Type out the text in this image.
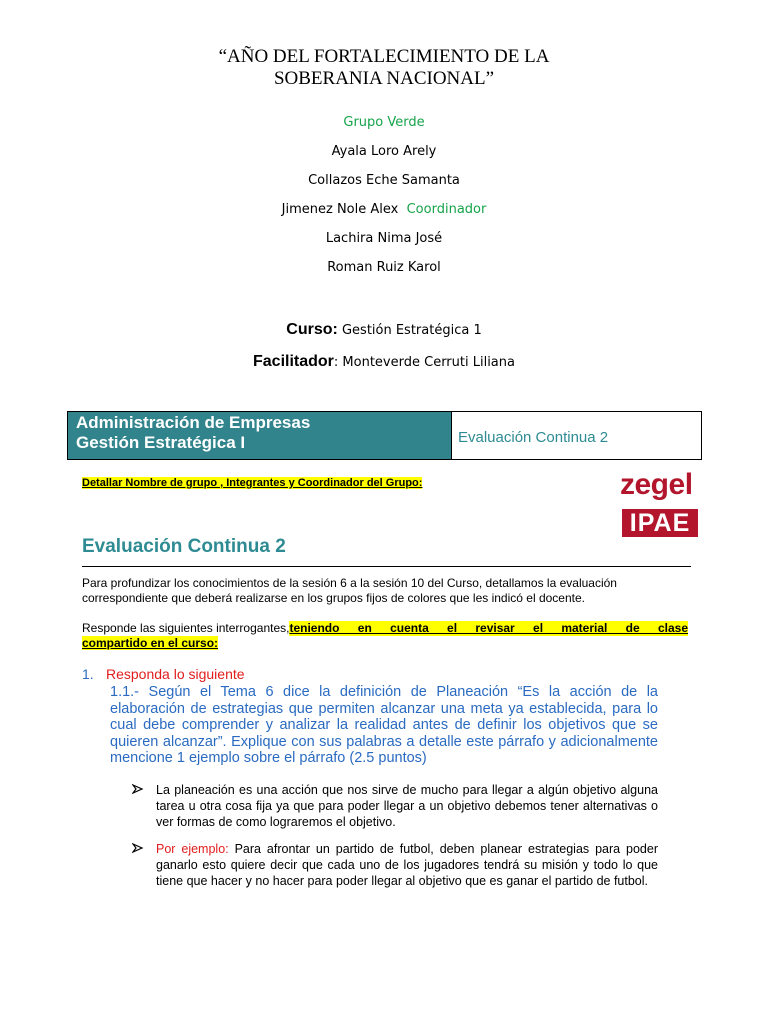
“AÑO DEL FORTALECIMIENTO DE LA
SOBERANIA NACIONAL”
Grupo Verde
Ayala Loro Arely
Collazos Eche Samanta
Jimenez Nole Alex Coordinador
Lachira Nima José
Roman Ruiz Karol
Curso: Gestión Estratégica 1
Facilitador: Monteverde Cerruti Liliana
Administración de Empresas
Gestión Estratégica I	Evaluación Continua 2
Detallar Nombre de grupo , Integrantes y Coordinador del Grupo:	zegel
IPAE
Evaluación Continua 2
Para profundizar los conocimientos de la sesión 6 a la sesión 10 del Curso, detallamos la evaluación
correspondiente que deberá realizarse en los grupos fijos de colores que les indicó el docente.
Responde las siguientes interrogantes, teniendo en cuenta el revisar el material de clase
compartido en el curso:
1. Responda lo siguiente
1.1.- Según el Tema 6 dice la definición de Planeación “Es la acción de la elaboración de estrategias que permiten alcanzar una meta ya establecida, para lo cual debe comprender y analizar la realidad antes de definir los objetivos que se quieren alcanzar”. Explique con sus palabras a detalle este párrafo y adicionalmente mencione 1 ejemplo sobre el párrafo (2.5 puntos)
La planeación es una acción que nos sirve de mucho para llegar a algún objetivo alguna tarea u otra cosa fija ya que para poder llegar a un objetivo debemos tener alternativas o ver formas de como lograremos el objetivo.
Por ejemplo: Para afrontar un partido de futbol, deben planear estrategias para poder ganarlo esto quiere decir que cada uno de los jugadores tendrá su misión y todo lo que tiene que hacer y no hacer para poder llegar al objetivo que es ganar el partido de futbol.
